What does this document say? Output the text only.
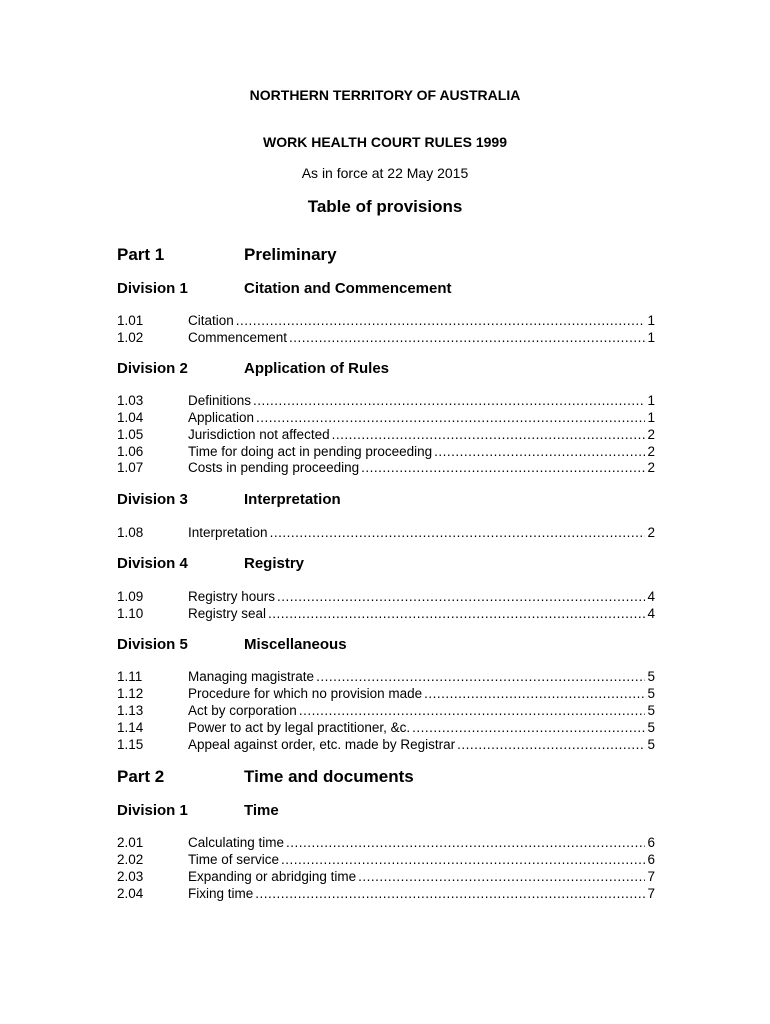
NORTHERN TERRITORY OF AUSTRALIA
WORK HEALTH COURT RULES 1999
As in force at 22 May 2015
Table of provisions
Part 1	Preliminary
Division 1	Citation and Commencement
1.01	Citation .....	1
1.02	Commencement .....	1
Division 2	Application of Rules
1.03	Definitions .....	1
1.04	Application .....	1
1.05	Jurisdiction not affected .....	2
1.06	Time for doing act in pending proceeding .....	2
1.07	Costs in pending proceeding .....	2
Division 3	Interpretation
1.08	Interpretation .....	2
Division 4	Registry
1.09	Registry hours .....	4
1.10	Registry seal .....	4
Division 5	Miscellaneous
1.11	Managing magistrate .....	5
1.12	Procedure for which no provision made .....	5
1.13	Act by corporation .....	5
1.14	Power to act by legal practitioner, &c. .....	5
1.15	Appeal against order, etc. made by Registrar .....	5
Part 2	Time and documents
Division 1	Time
2.01	Calculating time .....	6
2.02	Time of service .....	6
2.03	Expanding or abridging time .....	7
2.04	Fixing time .....	7
